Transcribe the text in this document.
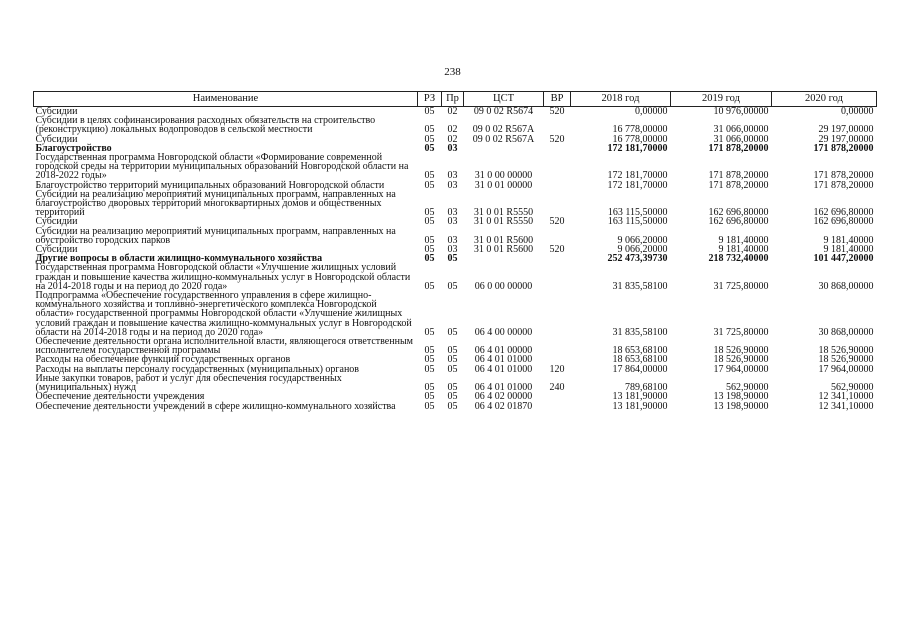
238
Наименование	РЗ	Пр	ЦСТ	ВР	2018 год	2019 год	2020 год
Субсидии	05	02	09 0 02 R5674	520	0,00000	10 976,00000	0,00000
Субсидии в целях софинансирования расходных обязательств на строительство (реконструкцию) локальных водопроводов в сельской местности	05	02	09 0 02 R567A		16 778,00000	31 066,00000	29 197,00000
Субсидии	05	02	09 0 02 R567A	520	16 778,00000	31 066,00000	29 197,00000
Благоустройство	05	03			172 181,70000	171 878,20000	171 878,20000
Государственная программа Новгородской области «Формирование современной городской среды на территории муниципальных образований Новгородской области на 2018-2022 годы»	05	03	31 0 00 00000		172 181,70000	171 878,20000	171 878,20000
Благоустройство территорий муниципальных образований Новгородской области	05	03	31 0 01 00000		172 181,70000	171 878,20000	171 878,20000
Субсидии на реализацию мероприятий муниципальных программ, направленных на благоустройство дворовых территорий многоквартирных домов и общественных территорий	05	03	31 0 01 R5550		163 115,50000	162 696,80000	162 696,80000
Субсидии	05	03	31 0 01 R5550	520	163 115,50000	162 696,80000	162 696,80000
Субсидии на реализацию мероприятий муниципальных программ, направленных на обустройство городских парков	05	03	31 0 01 R5600		9 066,20000	9 181,40000	9 181,40000
Субсидии	05	03	31 0 01 R5600	520	9 066,20000	9 181,40000	9 181,40000
Другие вопросы в области жилищно-коммунального хозяйства	05	05			252 473,39730	218 732,40000	101 447,20000
Государственная программа Новгородской области «Улучшение жилищных условий граждан и повышение качества жилищно-коммунальных услуг в Новгородской области на 2014-2018 годы и на период до 2020 года»	05	05	06 0 00 00000		31 835,58100	31 725,80000	30 868,00000
Подпрограмма «Обеспечение государственного управления в сфере жилищно-коммунального хозяйства и топливно-энергетического комплекса Новгородской области» государственной программы Новгородской области «Улучшение жилищных условий граждан и повышение качества жилищно-коммунальных услуг в Новгородской области на 2014-2018 годы и на период до 2020 года»	05	05	06 4 00 00000		31 835,58100	31 725,80000	30 868,00000
Обеспечение деятельности органа исполнительной власти, являющегося ответственным исполнителем государственной программы	05	05	06 4 01 00000		18 653,68100	18 526,90000	18 526,90000
Расходы на обеспечение функций государственных органов	05	05	06 4 01 01000		18 653,68100	18 526,90000	18 526,90000
Расходы на выплаты персоналу государственных (муниципальных) органов	05	05	06 4 01 01000	120	17 864,00000	17 964,00000	17 964,00000
Иные закупки товаров, работ и услуг для обеспечения государственных (муниципальных) нужд	05	05	06 4 01 01000	240	789,68100	562,90000	562,90000
Обеспечение деятельности учреждения	05	05	06 4 02 00000		13 181,90000	13 198,90000	12 341,10000
Обеспечение деятельности учреждений в сфере жилищно-коммунального хозяйства	05	05	06 4 02 01870		13 181,90000	13 198,90000	12 341,10000
